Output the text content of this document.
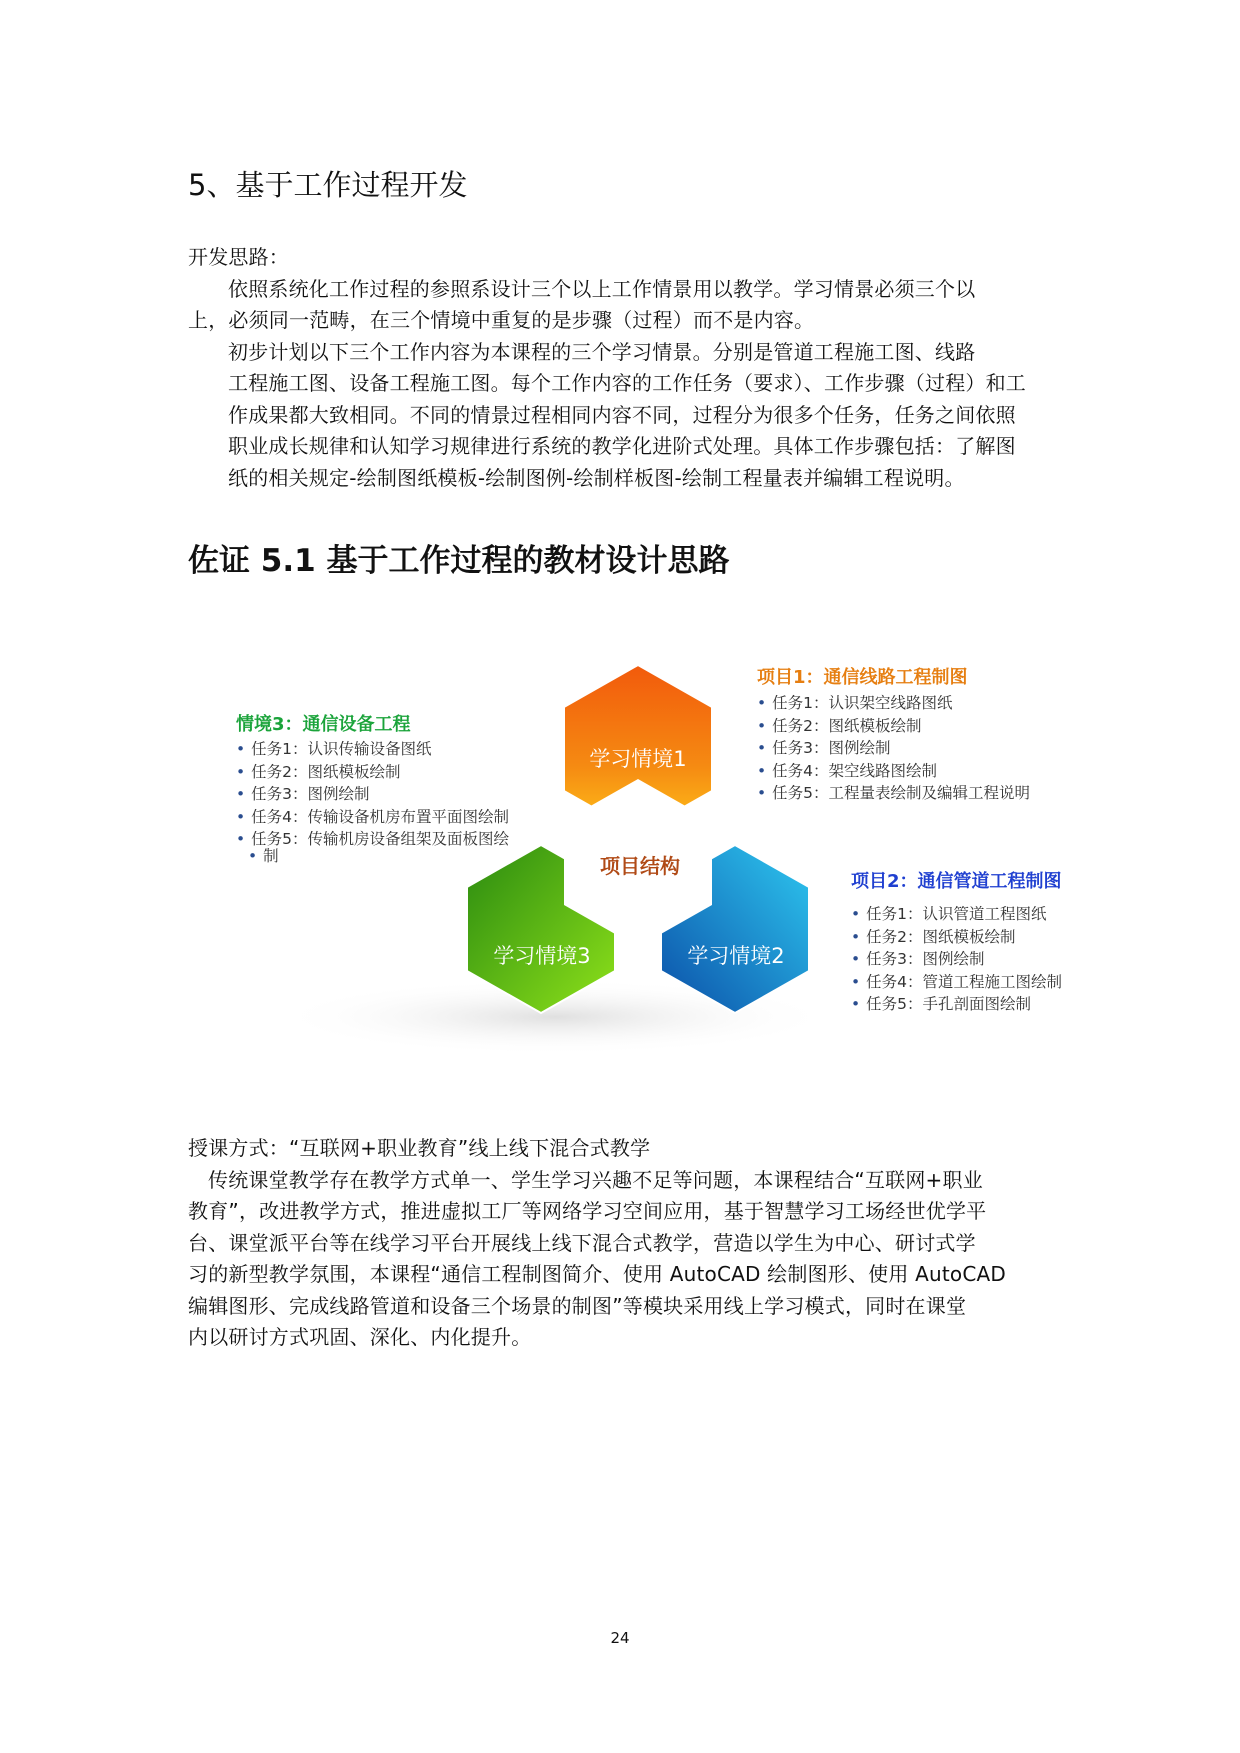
5、基于工作过程开发

开发思路：

依照系统化工作过程的参照系设计三个以上工作情景用以教学。学习情景必须三个以
上，必须同一范畴，在三个情境中重复的是步骤（过程）而不是内容。

初步计划以下三个工作内容为本课程的三个学习情景。分别是管道工程施工图、线路
工程施工图、设备工程施工图。每个工作内容的工作任务（要求）、工作步骤（过程）和工
作成果都大致相同。不同的情景过程相同内容不同，过程分为很多个任务，任务之间依照
职业成长规律和认知学习规律进行系统的教学化进阶式处理。具体工作步骤包括：了解图
纸的相关规定-绘制图纸模板-绘制图例-绘制样板图-绘制工程量表并编辑工程说明。

佐证 5.1 基于工作过程的教材设计思路
学习情境1
学习情境2
学习情境3
项目结构
项目1：通信线路工程制图
• 任务1：认识架空线路图纸
• 任务2：图纸模板绘制
• 任务3：图例绘制
• 任务4：架空线路图绘制
• 任务5：工程量表绘制及编辑工程说明
项目2：通信管道工程制图
• 任务1：认识管道工程图纸
• 任务2：图纸模板绘制
• 任务3：图例绘制
• 任务4：管道工程施工图绘制
• 任务5：手孔剖面图绘制
情境3：通信设备工程
• 任务1：认识传输设备图纸
• 任务2：图纸模板绘制
• 任务3：图例绘制
• 任务4：传输设备机房布置平面图绘制
• 任务5：传输机房设备组架及面板图绘
• 制

授课方式：“互联网+职业教育”线上线下混合式教学

传统课堂教学存在教学方式单一、学生学习兴趣不足等问题，本课程结合“互联网+职业
教育”，改进教学方式，推进虚拟工厂等网络学习空间应用，基于智慧学习工场经世优学平
台、课堂派平台等在线学习平台开展线上线下混合式教学，营造以学生为中心、研讨式学
习的新型教学氛围，本课程“通信工程制图简介、使用 AutoCAD 绘制图形、使用 AutoCAD
编辑图形、完成线路管道和设备三个场景的制图”等模块采用线上学习模式，同时在课堂
内以研讨方式巩固、深化、内化提升。

24
